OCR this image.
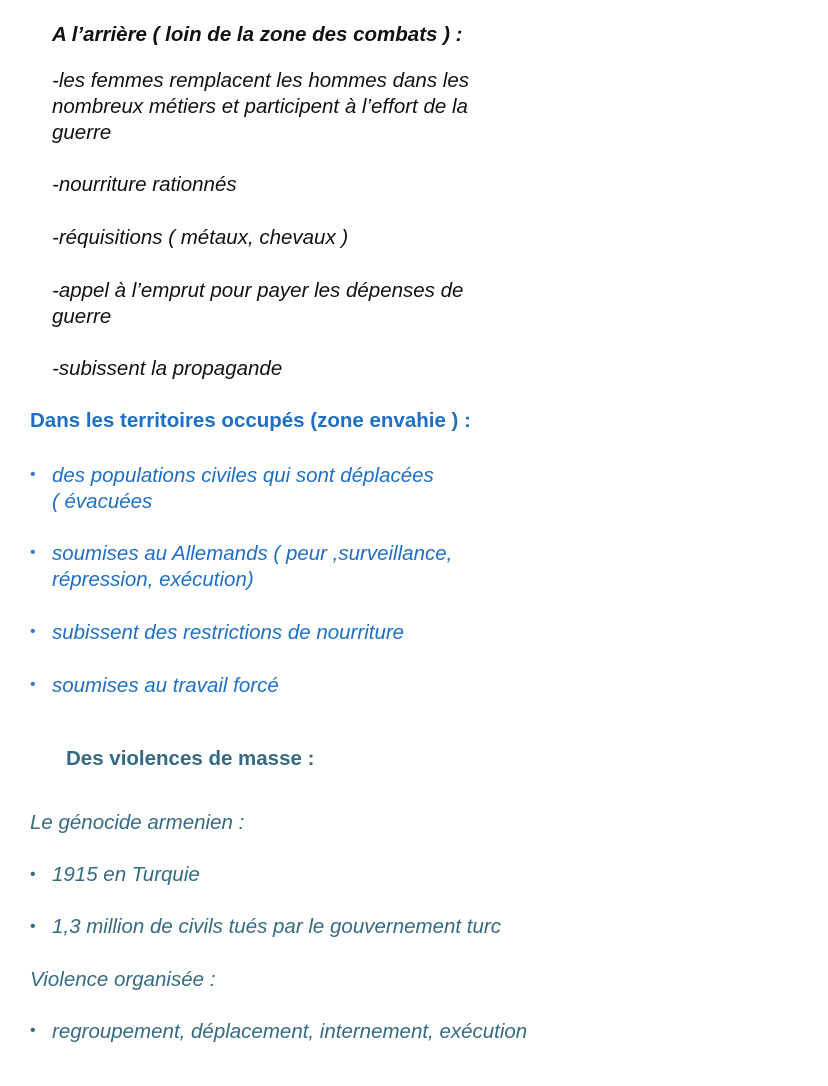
A l’arrière ( loin de la zone des combats ) :
-les femmes remplacent les hommes dans les
nombreux métiers et participent à l’effort de la
guerre
-nourriture rationnés
-réquisitions ( métaux, chevaux )
-appel à l’emprut pour payer les dépenses de
guerre
-subissent la propagande
Dans les territoires occupés (zone envahie ) :
• des populations civiles qui sont déplacées
( évacuées
• soumises au Allemands ( peur ,surveillance,
répression, exécution)
• subissent des restrictions de nourriture
• soumises au travail forcé
Des violences de masse :
Le génocide armenien :
• 1915 en Turquie
• 1,3 million de civils tués par le gouvernement turc
Violence organisée :
• regroupement, déplacement, internement, exécution
